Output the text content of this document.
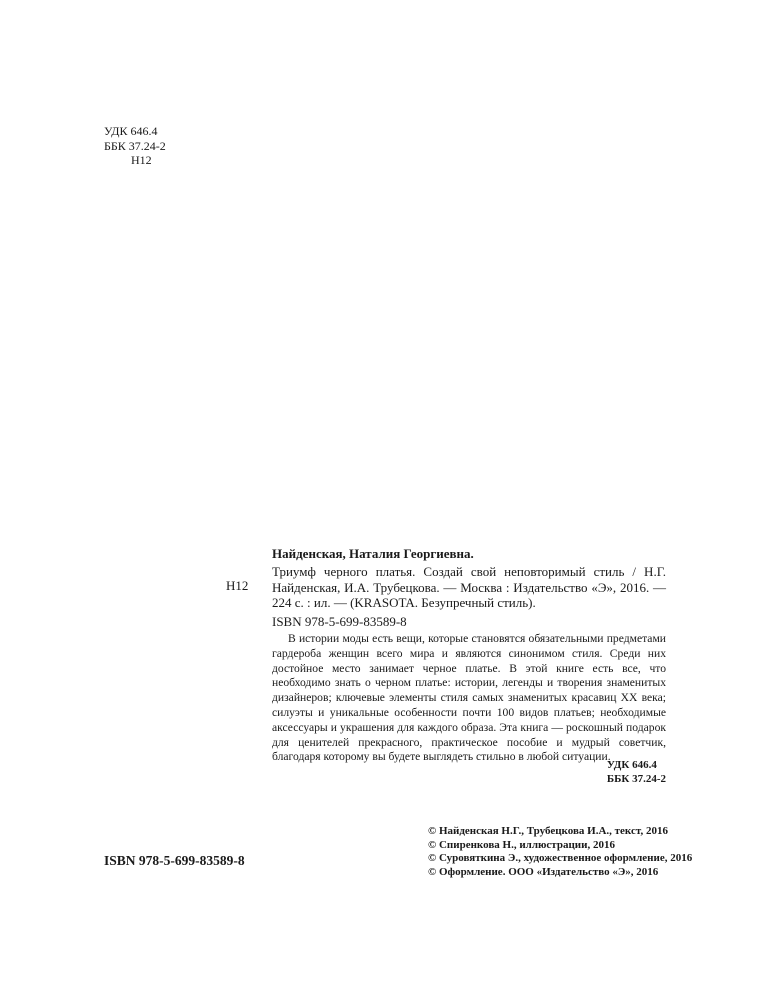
УДК 646.4
ББК 37.24-2
Н12
Найденская, Наталия Георгиевна.
Н12
Триумф черного платья. Создай свой неповторимый стиль / Н.Г. Найденская, И.А. Трубецкова. — Москва : Издательство «Э», 2016. — 224 с. : ил. — (KRASOTA. Безупречный стиль).
ISBN 978-5-699-83589-8
В истории моды есть вещи, которые становятся обязательными предметами гардероба женщин всего мира и являются синонимом стиля. Среди них достойное место занимает черное платье. В этой книге есть все, что необходимо знать о черном платье: истории, легенды и творения знаменитых дизайнеров; ключевые элементы стиля самых знаменитых красавиц XX века; силуэты и уникальные особенности почти 100 видов платьев; необходимые аксессуары и украшения для каждого образа. Эта книга — роскошный подарок для ценителей прекрасного, практическое пособие и мудрый советчик, благодаря которому вы будете выглядеть стильно в любой ситуации.
УДК 646.4
ББК 37.24-2
© Найденская Н.Г., Трубецкова И.А., текст, 2016
© Спиренкова Н., иллюстрации, 2016
© Суровяткина Э., художественное оформление, 2016
© Оформление. ООО «Издательство «Э», 2016
ISBN 978-5-699-83589-8
